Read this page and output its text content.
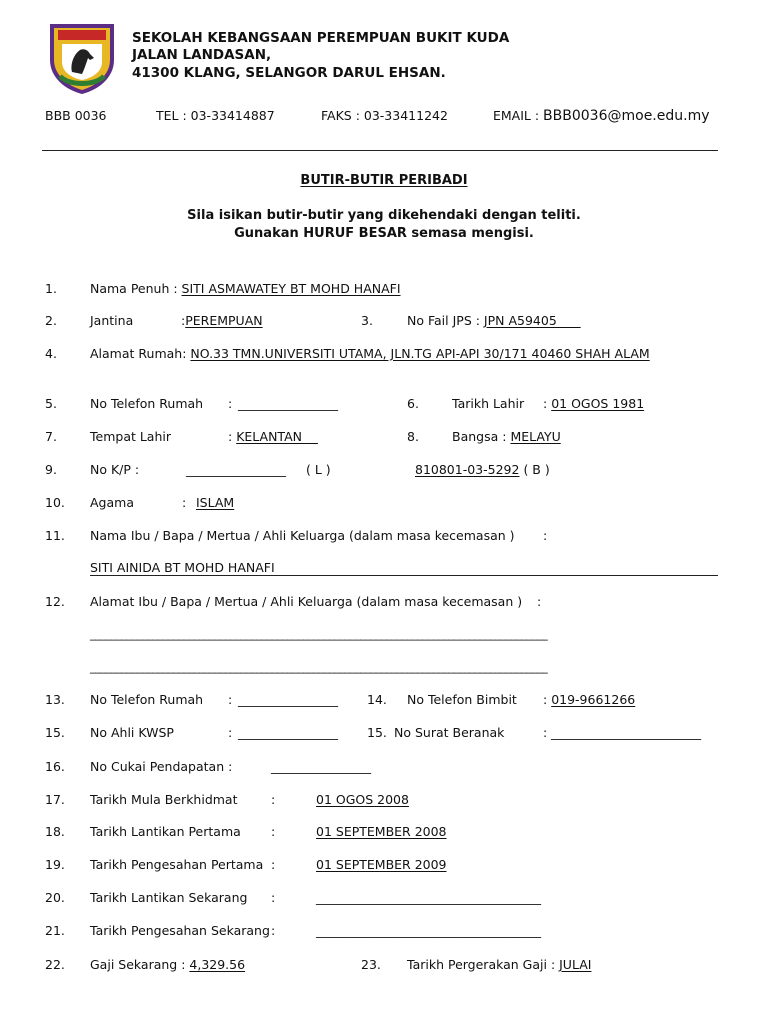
SEKOLAH KEBANGSAAN PEREMPUAN BUKIT KUDA
JALAN LANDASAN,
41300 KLANG, SELANGOR DARUL EHSAN.
BBB 0036	TEL : 03-33414887	FAKS : 03-33411242	EMAIL : BBB0036@moe.edu.my
BUTIR-BUTIR PERIBADI
Sila isikan butir-butir yang dikehendaki dengan teliti.
Gunakan HURUF BESAR semasa mengisi.
1.	Nama Penuh : SITI ASMAWATEY BT MOHD HANAFI
2.	Jantina	:PEREMPUAN	3.	No Fail JPS : JPN A59405
4.	Alamat Rumah: NO.33 TMN.UNIVERSITI UTAMA, JLN.TG API-API 30/171 40460 SHAH ALAM
5.	No Telefon Rumah : ________________	6.	Tarikh Lahir : 01 OGOS 1981
7.	Tempat Lahir	: KELANTAN	8.	Bangsa : MELAYU
9.	No K/P :	________________ ( L )	810801-03-5292 ( B )
10. Agama	: ISLAM
11. Nama Ibu / Bapa / Mertua / Ahli Keluarga (dalam masa kecemasan ) :
SITI AINIDA BT MOHD HANAFI
12. Alamat Ibu / Bapa / Mertua / Ahli Keluarga (dalam masa kecemasan ) :
________________________________________________________________________________________
________________________________________________________________________________________
13. No Telefon Rumah : ________________ 14. No Telefon Bimbit : 019-9661266
15. No Ahli KWSP	: ________________ 15. No Surat Beranak	: ________________________
16. No Cukai Pendapatan :	________________
17. Tarikh Mula Berkhidmat	:	01 OGOS 2008
18. Tarikh Lantikan Pertama :	01 SEPTEMBER 2008
19. Tarikh Pengesahan Pertama :	01 SEPTEMBER 2009
20. Tarikh Lantikan Sekarang :	____________________________________
21. Tarikh Pengesahan Sekarang :	____________________________________
22. Gaji Sekarang : 4,329.56	23. Tarikh Pergerakan Gaji : JULAI
